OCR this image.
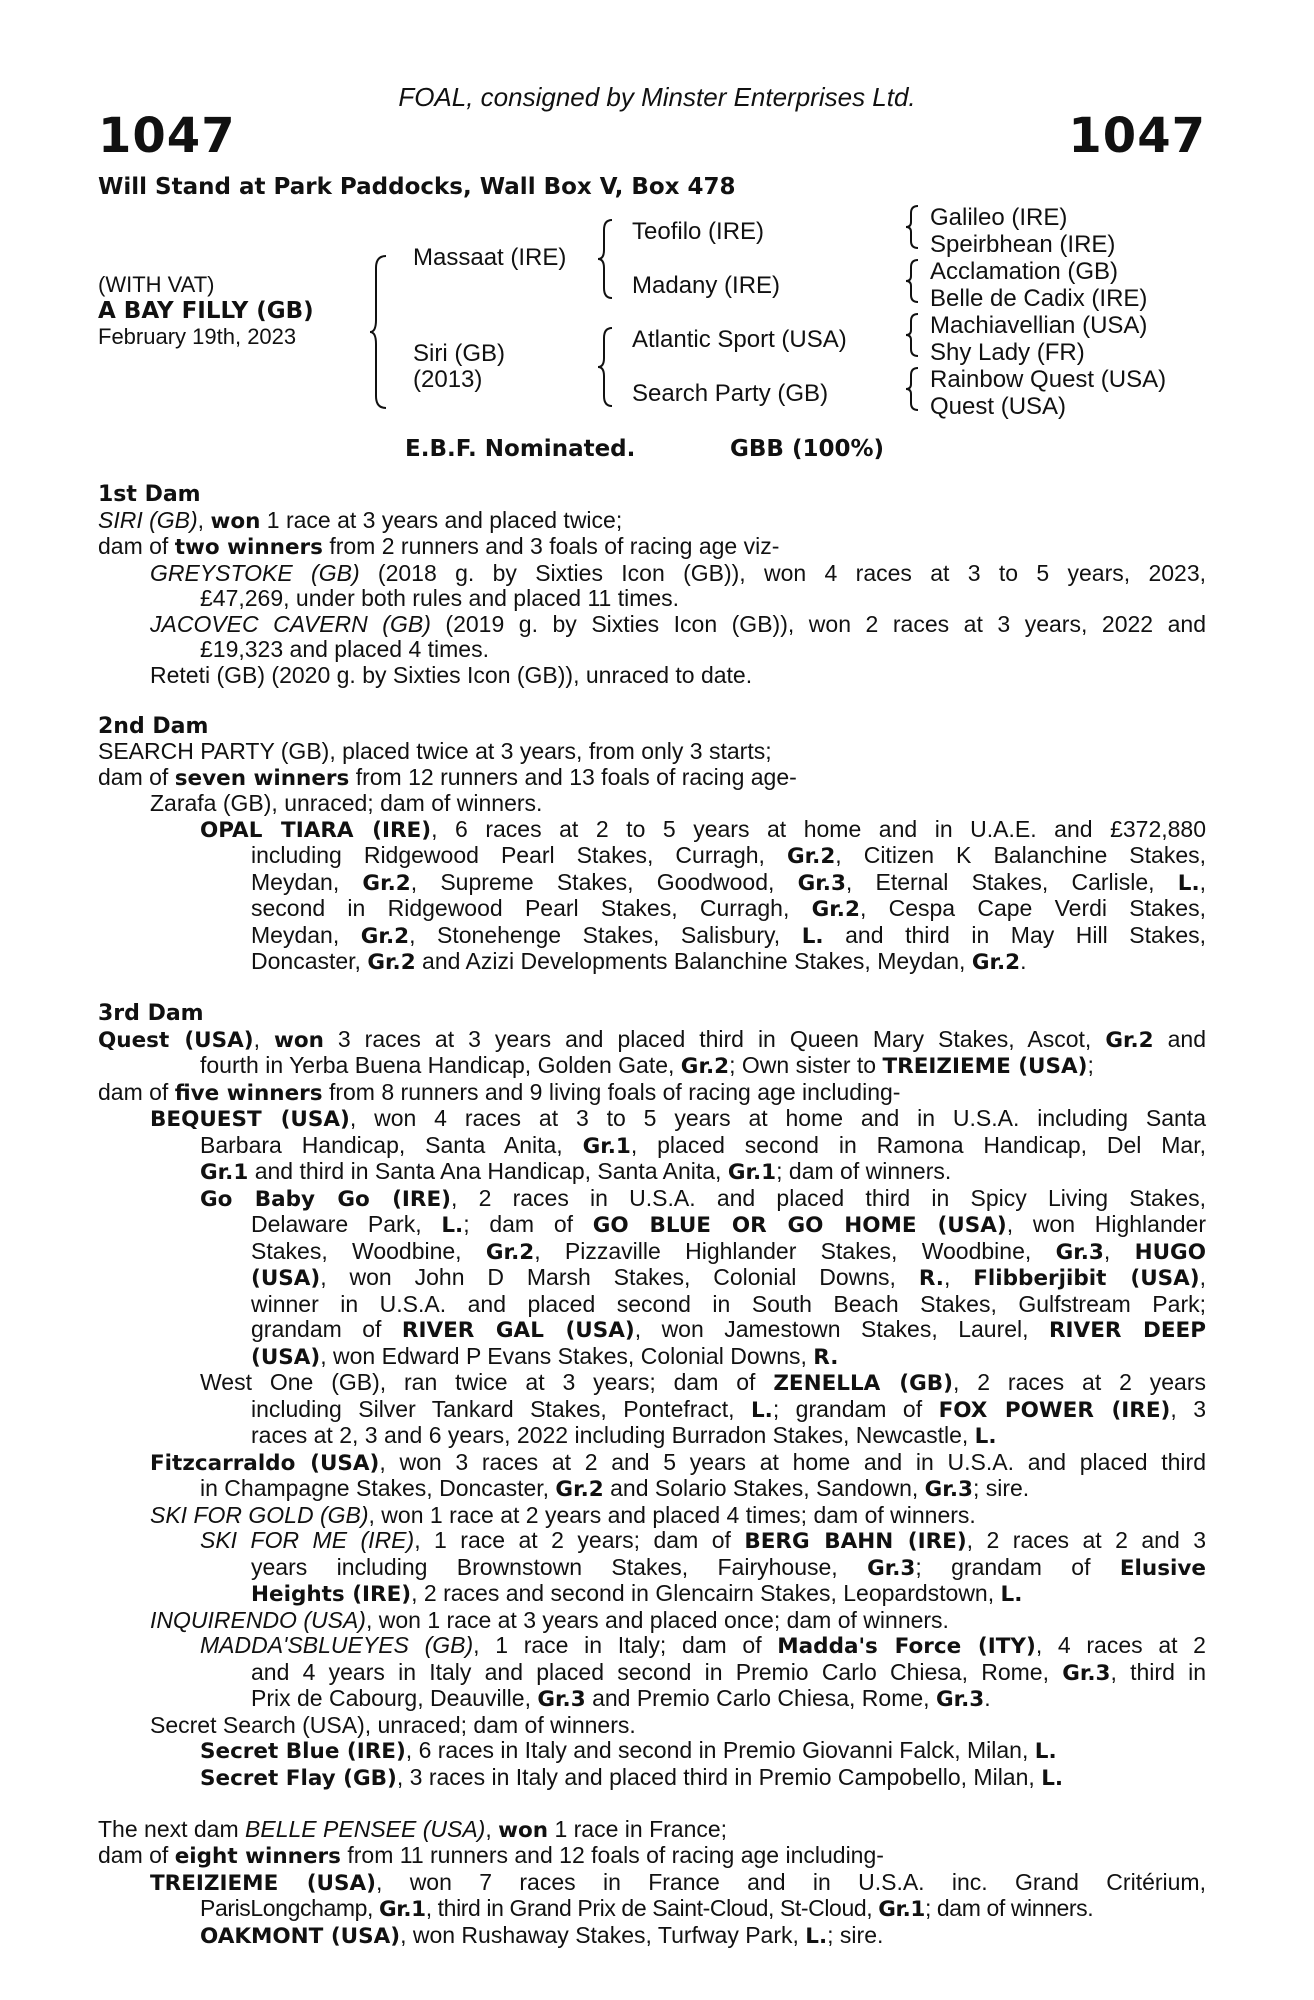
FOAL, consigned by Minster Enterprises Ltd.
1047	1047
Will Stand at Park Paddocks, Wall Box V, Box 478
(WITH VAT)
A BAY FILLY (GB)
February 19th, 2023
Massaat (IRE)
Siri (GB)
(2013)
Teofilo (IRE)
Madany (IRE)
Atlantic Sport (USA)
Search Party (GB)
Galileo (IRE)
Speirbhean (IRE)
Acclamation (GB)
Belle de Cadix (IRE)
Machiavellian (USA)
Shy Lady (FR)
Rainbow Quest (USA)
Quest (USA)
E.B.F. Nominated.	GBB (100%)
1st Dam
SIRI (GB), won 1 race at 3 years and placed twice;
dam of two winners from 2 runners and 3 foals of racing age viz-
GREYSTOKE (GB) (2018 g. by Sixties Icon (GB)), won 4 races at 3 to 5 years, 2023,
£47,269, under both rules and placed 11 times.
JACOVEC CAVERN (GB) (2019 g. by Sixties Icon (GB)), won 2 races at 3 years, 2022 and
£19,323 and placed 4 times.
Reteti (GB) (2020 g. by Sixties Icon (GB)), unraced to date.
2nd Dam
SEARCH PARTY (GB), placed twice at 3 years, from only 3 starts;
dam of seven winners from 12 runners and 13 foals of racing age-
Zarafa (GB), unraced; dam of winners.
OPAL TIARA (IRE), 6 races at 2 to 5 years at home and in U.A.E. and £372,880
including Ridgewood Pearl Stakes, Curragh, Gr.2, Citizen K Balanchine Stakes,
Meydan, Gr.2, Supreme Stakes, Goodwood, Gr.3, Eternal Stakes, Carlisle, L.,
second in Ridgewood Pearl Stakes, Curragh, Gr.2, Cespa Cape Verdi Stakes,
Meydan, Gr.2, Stonehenge Stakes, Salisbury, L. and third in May Hill Stakes,
Doncaster, Gr.2 and Azizi Developments Balanchine Stakes, Meydan, Gr.2.
3rd Dam
Quest (USA), won 3 races at 3 years and placed third in Queen Mary Stakes, Ascot, Gr.2 and
fourth in Yerba Buena Handicap, Golden Gate, Gr.2; Own sister to TREIZIEME (USA);
dam of five winners from 8 runners and 9 living foals of racing age including-
BEQUEST (USA), won 4 races at 3 to 5 years at home and in U.S.A. including Santa
Barbara Handicap, Santa Anita, Gr.1, placed second in Ramona Handicap, Del Mar,
Gr.1 and third in Santa Ana Handicap, Santa Anita, Gr.1; dam of winners.
Go Baby Go (IRE), 2 races in U.S.A. and placed third in Spicy Living Stakes,
Delaware Park, L.; dam of GO BLUE OR GO HOME (USA), won Highlander
Stakes, Woodbine, Gr.2, Pizzaville Highlander Stakes, Woodbine, Gr.3, HUGO
(USA), won John D Marsh Stakes, Colonial Downs, R., Flibberjibit (USA),
winner in U.S.A. and placed second in South Beach Stakes, Gulfstream Park;
grandam of RIVER GAL (USA), won Jamestown Stakes, Laurel, RIVER DEEP
(USA), won Edward P Evans Stakes, Colonial Downs, R.
West One (GB), ran twice at 3 years; dam of ZENELLA (GB), 2 races at 2 years
including Silver Tankard Stakes, Pontefract, L.; grandam of FOX POWER (IRE), 3
races at 2, 3 and 6 years, 2022 including Burradon Stakes, Newcastle, L.
Fitzcarraldo (USA), won 3 races at 2 and 5 years at home and in U.S.A. and placed third
in Champagne Stakes, Doncaster, Gr.2 and Solario Stakes, Sandown, Gr.3; sire.
SKI FOR GOLD (GB), won 1 race at 2 years and placed 4 times; dam of winners.
SKI FOR ME (IRE), 1 race at 2 years; dam of BERG BAHN (IRE), 2 races at 2 and 3
years including Brownstown Stakes, Fairyhouse, Gr.3; grandam of Elusive
Heights (IRE), 2 races and second in Glencairn Stakes, Leopardstown, L.
INQUIRENDO (USA), won 1 race at 3 years and placed once; dam of winners.
MADDA'SBLUEYES (GB), 1 race in Italy; dam of Madda's Force (ITY), 4 races at 2
and 4 years in Italy and placed second in Premio Carlo Chiesa, Rome, Gr.3, third in
Prix de Cabourg, Deauville, Gr.3 and Premio Carlo Chiesa, Rome, Gr.3.
Secret Search (USA), unraced; dam of winners.
Secret Blue (IRE), 6 races in Italy and second in Premio Giovanni Falck, Milan, L.
Secret Flay (GB), 3 races in Italy and placed third in Premio Campobello, Milan, L.
The next dam BELLE PENSEE (USA), won 1 race in France;
dam of eight winners from 11 runners and 12 foals of racing age including-
TREIZIEME (USA), won 7 races in France and in U.S.A. inc. Grand Critérium,
ParisLongchamp, Gr.1, third in Grand Prix de Saint-Cloud, St-Cloud, Gr.1; dam of winners.
OAKMONT (USA), won Rushaway Stakes, Turfway Park, L.; sire.
